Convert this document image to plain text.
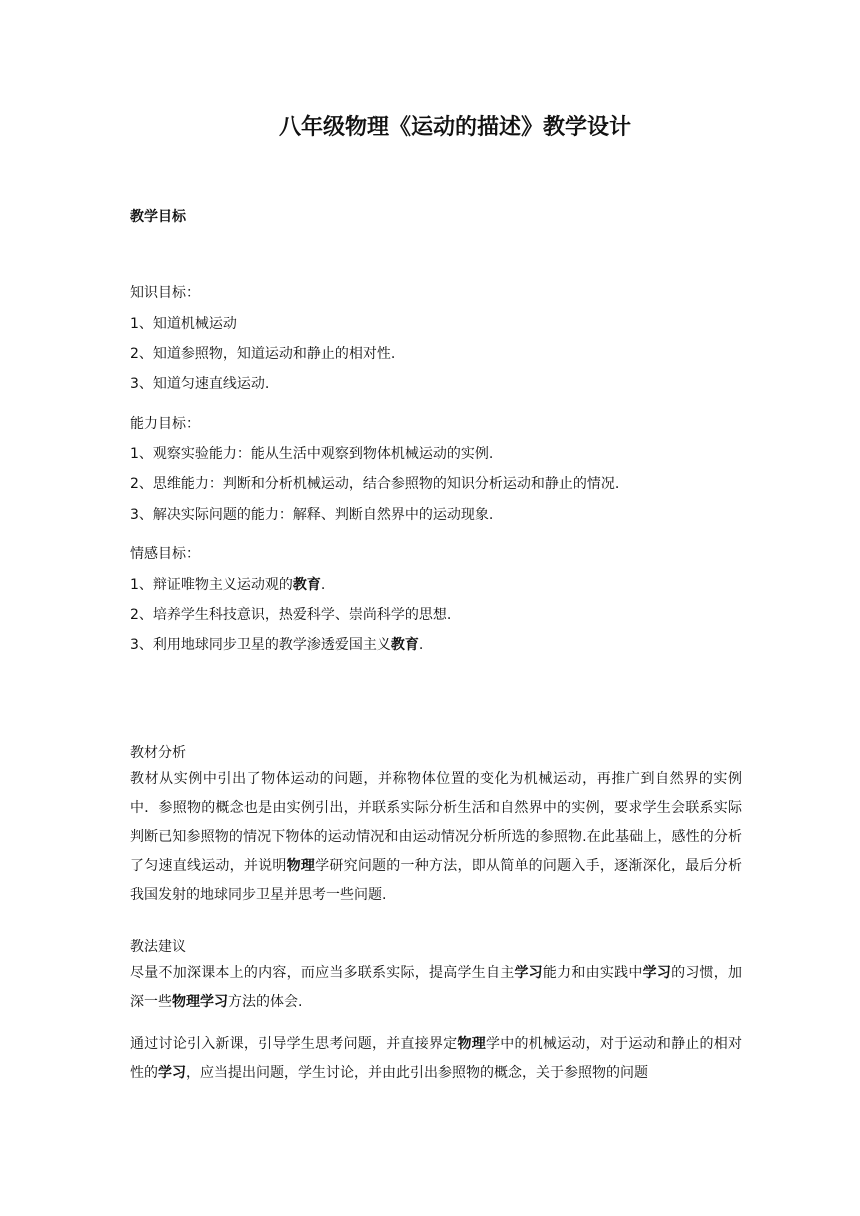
八年级物理《运动的描述》教学设计
教学目标
知识目标：
1、知道机械运动
2、知道参照物，知道运动和静止的相对性.
3、知道匀速直线运动.
能力目标：
1、观察实验能力：能从生活中观察到物体机械运动的实例.
2、思维能力：判断和分析机械运动，结合参照物的知识分析运动和静止的情况.
3、解决实际问题的能力：解释、判断自然界中的运动现象.
情感目标：
1、辩证唯物主义运动观的教育.
2、培养学生科技意识，热爱科学、崇尚科学的思想.
3、利用地球同步卫星的教学渗透爱国主义教育.
教材分析
教材从实例中引出了物体运动的问题，并称物体位置的变化为机械运动，再推广到自然界的实例中．参照物的概念也是由实例引出，并联系实际分析生活和自然界中的实例，要求学生会联系实际判断已知参照物的情况下物体的运动情况和由运动情况分析所选的参照物.在此基础上，感性的分析了匀速直线运动，并说明物理学研究问题的一种方法，即从简单的问题入手，逐渐深化，最后分析我国发射的地球同步卫星并思考一些问题.
教法建议
尽量不加深课本上的内容，而应当多联系实际，提高学生自主学习能力和由实践中学习的习惯，加深一些物理学习方法的体会.
通过讨论引入新课，引导学生思考问题，并直接界定物理学中的机械运动，对于运动和静止的相对性的学习，应当提出问题，学生讨论，并由此引出参照物的概念，关于参照物的问题
